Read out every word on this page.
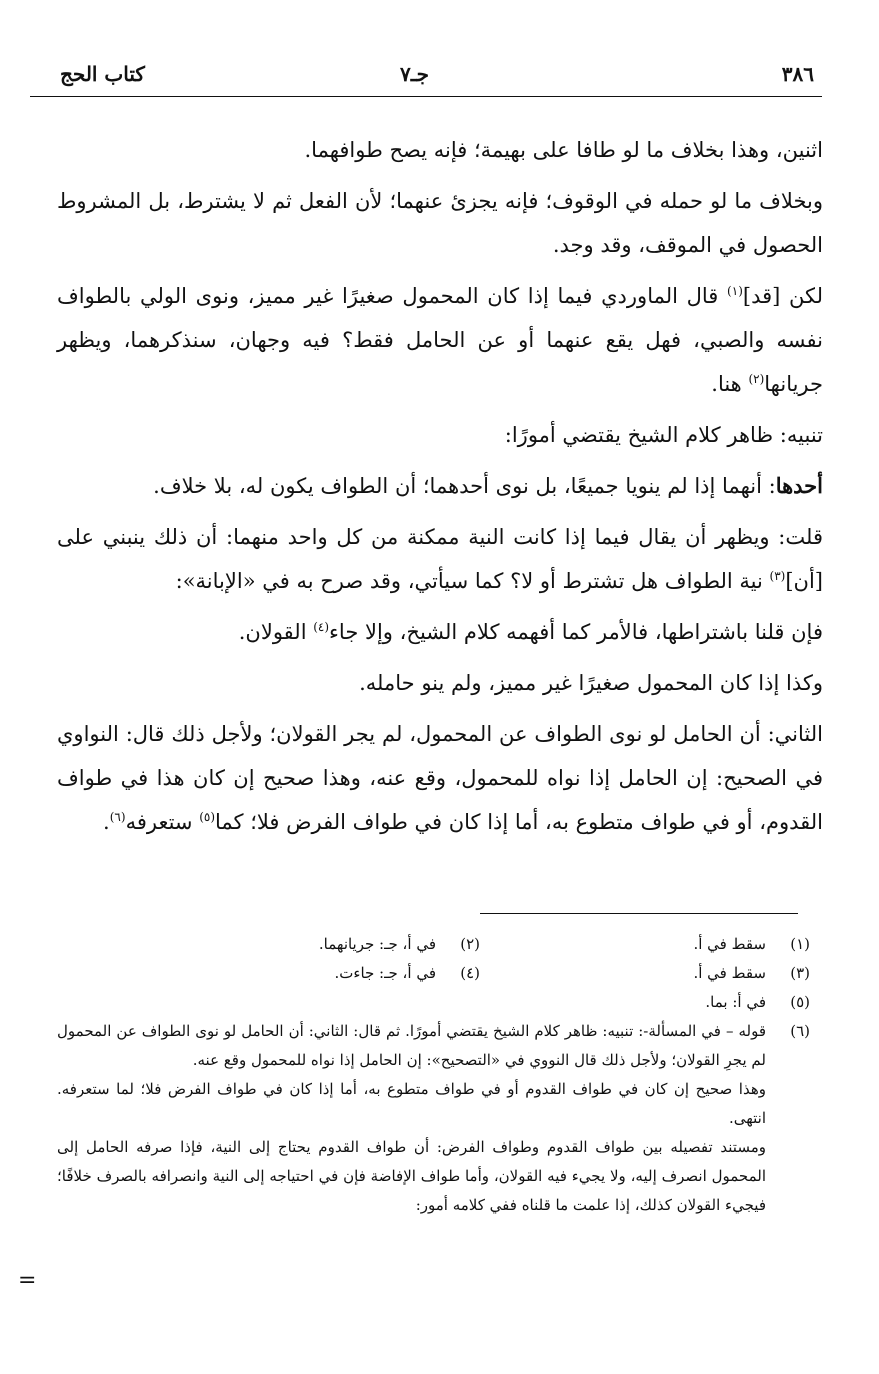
٣٨٦
جـ٧
كتاب الحج

اثنين، وهذا بخلاف ما لو طافا على بهيمة؛ فإنه يصح طوافهما.

وبخلاف ما لو حمله في الوقوف؛ فإنه يجزئ عنهما؛ لأن الفعل ثم لا يشترط، بل المشروط الحصول في الموقف، وقد وجد.

لكن [قد]$^{(١)}$ قال الماوردي فيما إذا كان المحمول صغيرًا غير مميز، ونوى الولي بالطواف نفسه والصبي، فهل يقع عنهما أو عن الحامل فقط؟ فيه وجهان، سنذكرهما، ويظهر جريانها$^{(٢)}$ هنا.

تنبيه: ظاهر كلام الشيخ يقتضي أمورًا:

أحدها: أنهما إذا لم ينويا جميعًا، بل نوى أحدهما؛ أن الطواف يكون له، بلا خلاف.

قلت: ويظهر أن يقال فيما إذا كانت النية ممكنة من كل واحد منهما: أن ذلك ينبني على [أن]$^{(٣)}$ نية الطواف هل تشترط أو لا؟ كما سيأتي، وقد صرح به في «الإبانة»:

فإن قلنا باشتراطها، فالأمر كما أفهمه كلام الشيخ، وإلا جاء$^{(٤)}$ القولان.

وكذا إذا كان المحمول صغيرًا غير مميز، ولم ينو حامله.

الثاني: أن الحامل لو نوى الطواف عن المحمول، لم يجر القولان؛ ولأجل ذلك قال: النواوي في الصحيح: إن الحامل إذا نواه للمحمول، وقع عنه، وهذا صحيح إن كان هذا في طواف القدوم، أو في طواف متطوع به، أما إذا كان في طواف الفرض فلا؛ كما$^{(٥)}$ ستعرفه$^{(٦)}$.

(١)
سقط في أ.
(٢)
في أ، جـ: جريانهما.
(٣)
سقط في أ.
(٤)
في أ، جـ: جاءت.
(٥)
في أ: بما.
(٦)
قوله – في المسألة-: تنبيه: ظاهر كلام الشيخ يقتضي أمورًا. ثم قال: الثاني: أن الحامل لو نوى الطواف عن المحمول لم يجرِ القولان؛ ولأجل ذلك قال النووي في «التصحيح»: إن الحامل إذا نواه للمحمول وقع عنه.
وهذا صحيح إن كان في طواف القدوم أو في طواف متطوع به، أما إذا كان في طواف الفرض فلا؛ لما ستعرفه. انتهى.
ومستند تفصيله بين طواف القدوم وطواف الفرض: أن طواف القدوم يحتاج إلى النية، فإذا صرفه الحامل إلى المحمول انصرف إليه، ولا يجيء فيه القولان، وأما طواف الإفاضة فإن في احتياجه إلى النية وانصرافه بالصرف خلافًا؛ فيجيء القولان كذلك، إذا علمت ما قلناه ففي كلامه أمور:
=
